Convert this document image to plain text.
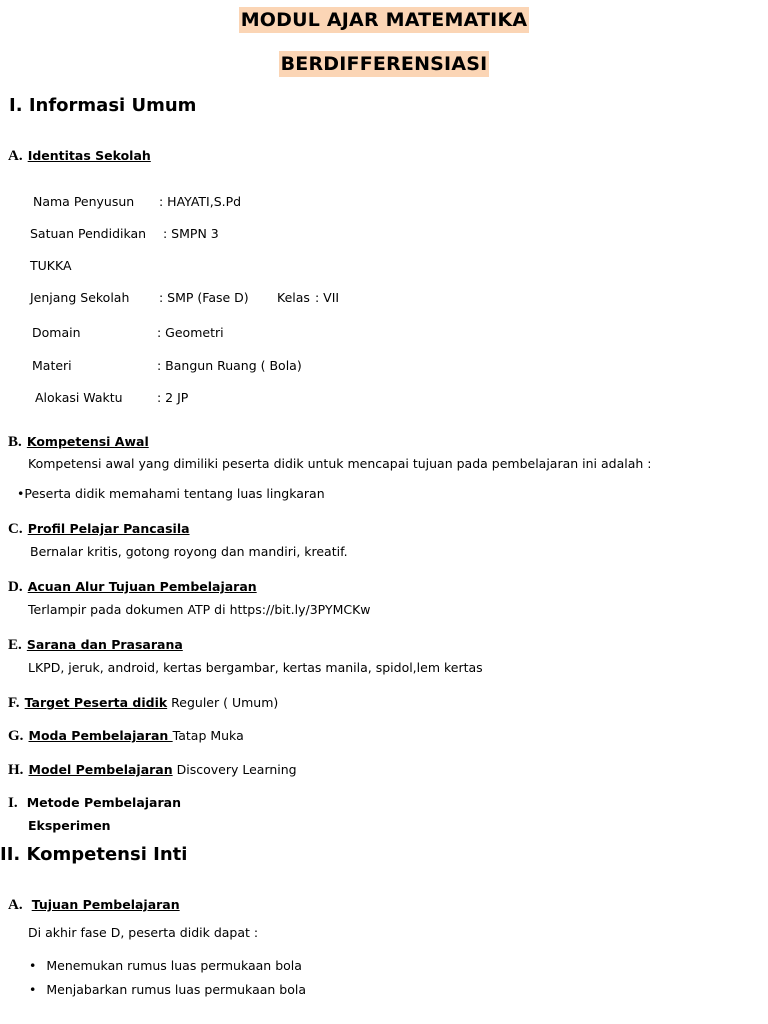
MODUL AJAR MATEMATIKA
BERDIFFERENSIASI
I. Informasi Umum
A. Identitas Sekolah
Nama Penyusun : HAYATI,S.Pd
Satuan Pendidikan : SMPN 3
TUKKA
Jenjang Sekolah : SMP (Fase D) Kelas : VII
Domain	: Geometri
Materi	: Bangun Ruang ( Bola)
Alokasi Waktu	: 2 JP
B. Kompetensi Awal
Kompetensi awal yang dimiliki peserta didik untuk mencapai tujuan pada pembelajaran ini adalah :
•Peserta didik memahami tentang luas lingkaran
C. Profil Pelajar Pancasila
Bernalar kritis, gotong royong dan mandiri, kreatif.
D. Acuan Alur Tujuan Pembelajaran
Terlampir pada dokumen ATP di https://bit.ly/3PYMCKw
E. Sarana dan Prasarana
LKPD, jeruk, android, kertas bergambar, kertas manila, spidol,lem kertas
F. Target Peserta didik Reguler ( Umum)
G. Moda Pembelajaran Tatap Muka
H. Model Pembelajaran Discovery Learning
I. Metode Pembelajaran
Eksperimen
II. Kompetensi Inti
A. Tujuan Pembelajaran
Di akhir fase D, peserta didik dapat :
• Menemukan rumus luas permukaan bola
• Menjabarkan rumus luas permukaan bola
